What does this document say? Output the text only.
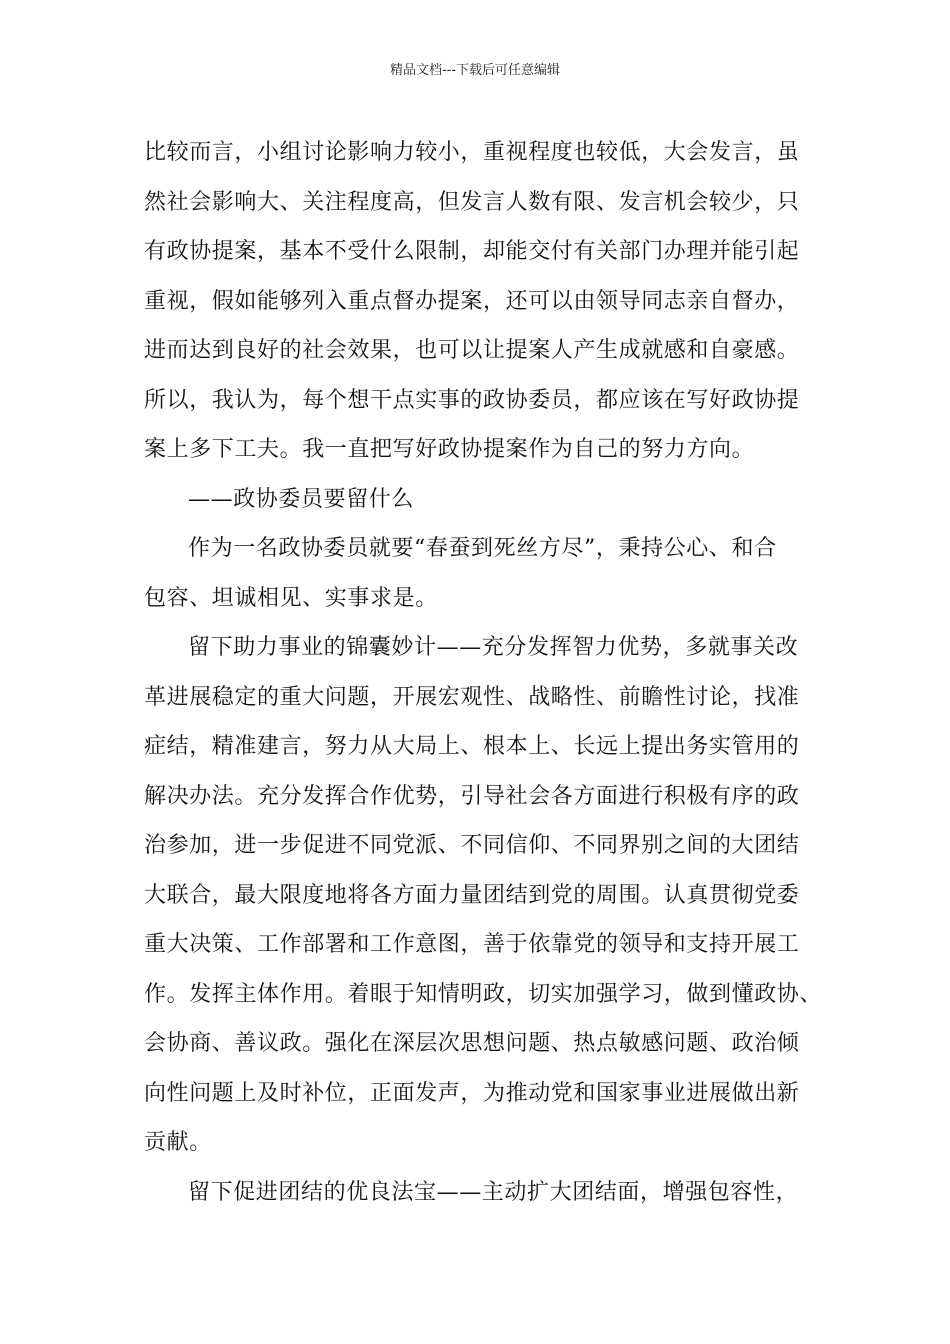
精品文档---下载后可任意编辑
比较而言，小组讨论影响力较小，重视程度也较低，大会发言，虽
然社会影响大、关注程度高，但发言人数有限、发言机会较少，只
有政协提案，基本不受什么限制，却能交付有关部门办理并能引起
重视，假如能够列入重点督办提案，还可以由领导同志亲自督办，
进而达到良好的社会效果，也可以让提案人产生成就感和自豪感。
所以，我认为，每个想干点实事的政协委员，都应该在写好政协提
案上多下工夫。我一直把写好政协提案作为自己的努力方向。
——政协委员要留什么
作为一名政协委员就要“春蚕到死丝方尽”，秉持公心、和合
包容、坦诚相见、实事求是。
留下助力事业的锦囊妙计——充分发挥智力优势，多就事关改
革进展稳定的重大问题，开展宏观性、战略性、前瞻性讨论，找准
症结，精准建言，努力从大局上、根本上、长远上提出务实管用的
解决办法。充分发挥合作优势，引导社会各方面进行积极有序的政
治参加，进一步促进不同党派、不同信仰、不同界别之间的大团结
大联合，最大限度地将各方面力量团结到党的周围。认真贯彻党委
重大决策、工作部署和工作意图，善于依靠党的领导和支持开展工
作。发挥主体作用。着眼于知情明政，切实加强学习，做到懂政协、
会协商、善议政。强化在深层次思想问题、热点敏感问题、政治倾
向性问题上及时补位，正面发声，为推动党和国家事业进展做出新
贡献。
留下促进团结的优良法宝——主动扩大团结面，增强包容性，
